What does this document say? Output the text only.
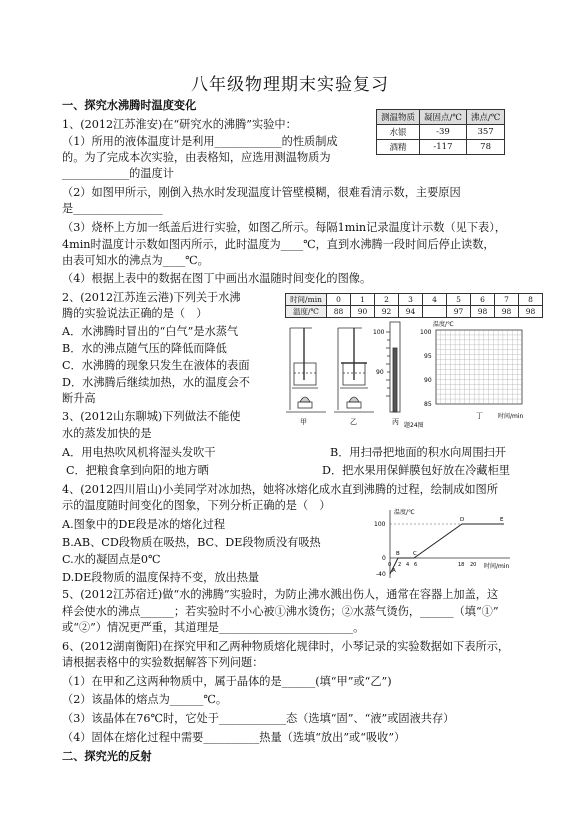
八年级物理期末实验复习
一、探究水沸腾时温度变化
1、(2012江苏淮安)在“研究水的沸腾”实验中：
（1）所用的液体温度计是利用____________的性质制成
的。为了完成本次实验，由表格知，应选用测温物质为
____________的温度计
（2）如图甲所示，刚倒入热水时发现温度计管壁模糊，很难看清示数，主要原因
是________________
（3）烧杯上方加一纸盖后进行实验，如图乙所示。每隔1min记录温度计示数（见下表），
4min时温度计示数如图丙所示，此时温度为____℃，直到水沸腾一段时间后停止读数，
由表可知水的沸点为____℃。
（4）根据上表中的数据在图丁中画出水温随时间变化的图像。
2、(2012江苏连云港)下列关于水沸
腾的实验说法正确的是（　）
A．水沸腾时冒出的“白气”是水蒸气
B．水的沸点随气压的降低而降低
C．水沸腾的现象只发生在液体的表面
D．水沸腾后继续加热，水的温度会不
断升高
3、(2012山东聊城)下列做法不能使
水的蒸发加快的是
A．用电热吹风机将湿头发吹干	B．用扫帚把地面的积水向周围扫开
C．把粮食拿到向阳的地方晒	D．把水果用保鲜膜包好放在冷藏柜里
4、(2012四川眉山)小美同学对冰加热，她将冰熔化成水直到沸腾的过程，绘制成如图所
示的温度随时间变化的图象，下列分析正确的是（　）
A.图象中的DE段是冰的熔化过程
B.AB、CD段物质在吸热，BC、DE段物质没有吸热
C.水的凝固点是0℃
D.DE段物质的温度保持不变，放出热量
5、(2012江苏宿迁)做“水的沸腾”实验时，为防止沸水溅出伤人，通常在容器上加盖，这
样会使水的沸点______；若实验时不小心被①沸水烫伤；②水蒸气烫伤，______（填“①”
或“②”）情况更严重，其道理是________________________。
6、(2012湖南衡阳)在探究甲和乙两种物质熔化规律时，小琴记录的实验数据如下表所示，
请根据表格中的实验数据解答下列问题：
（1）在甲和乙这两种物质中，属于晶体的是______(填“甲”或“乙”)
（2）该晶体的熔点为______℃。
（3）该晶体在76℃时，它处于____________态（选填“固”、“液”或固液共存）
（4）固体在熔化过程中需要__________热量（选填“放出”或“吸收”）
二、探究光的反射
测温物质	凝固点/℃	沸点/℃
水银	-39	357
酒精	-117	78
时间/min	0	1	2	3	4	5	6	7	8
温度/℃	88	90	92	94		97	98	98	98
甲	乙
100
90
丙 题24图
温度/℃
100
95
90
85
丁	时间/min
温度/℃
时间/min
100
0
-40 A
B C
D	E
0 2 4 6	18 20
